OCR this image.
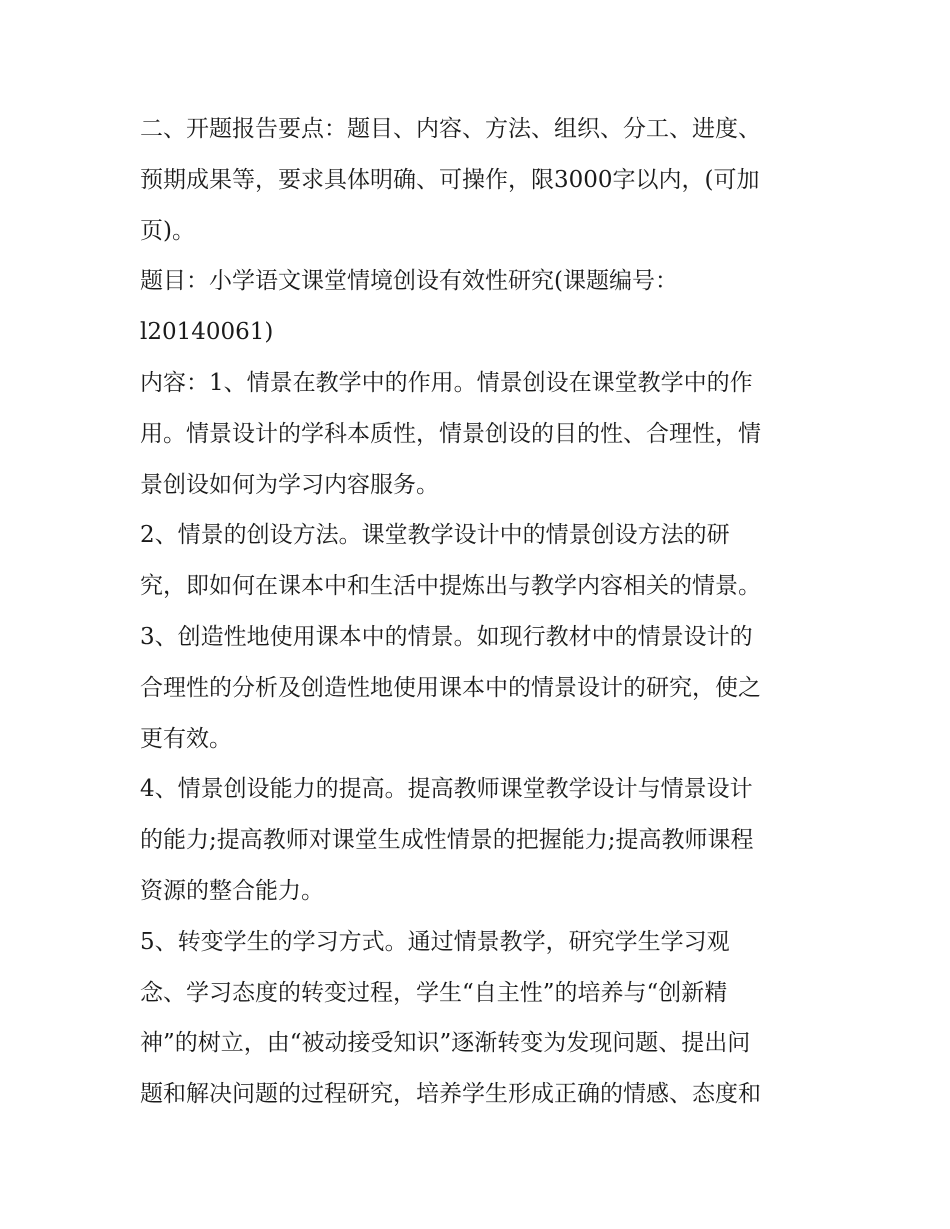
二、开题报告要点：题目、内容、方法、组织、分工、进度、
预期成果等，要求具体明确、可操作，限3000字以内，(可加
页)。
题目：小学语文课堂情境创设有效性研究(课题编号：
l20140061)
内容：1、情景在教学中的作用。情景创设在课堂教学中的作
用。情景设计的学科本质性，情景创设的目的性、合理性，情
景创设如何为学习内容服务。
2、情景的创设方法。课堂教学设计中的情景创设方法的研
究，即如何在课本中和生活中提炼出与教学内容相关的情景。
3、创造性地使用课本中的情景。如现行教材中的情景设计的
合理性的分析及创造性地使用课本中的情景设计的研究，使之
更有效。
4、情景创设能力的提高。提高教师课堂教学设计与情景设计
的能力;提高教师对课堂生成性情景的把握能力;提高教师课程
资源的整合能力。
5、转变学生的学习方式。通过情景教学，研究学生学习观
念、学习态度的转变过程，学生“自主性”的培养与“创新精
神”的树立，由“被动接受知识”逐渐转变为发现问题、提出问
题和解决问题的过程研究，培养学生形成正确的情感、态度和
